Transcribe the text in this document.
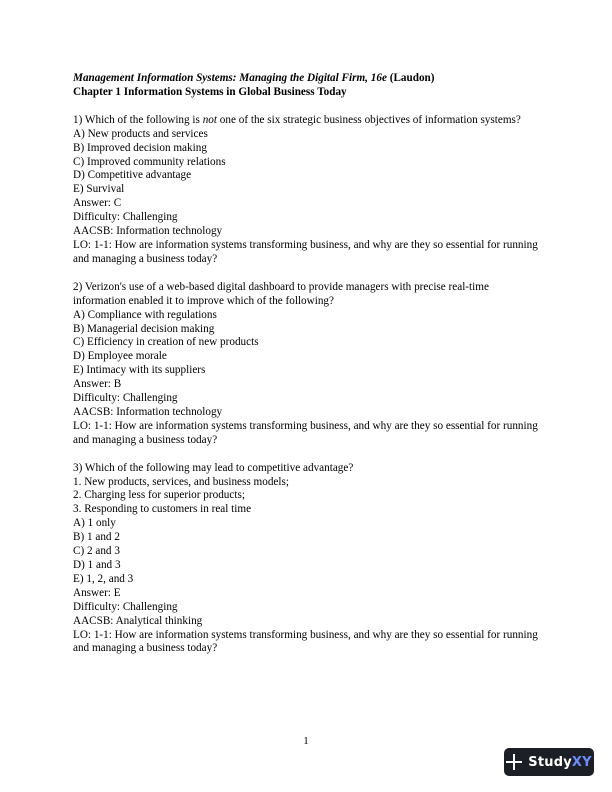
Management Information Systems: Managing the Digital Firm, 16e (Laudon)
Chapter 1 Information Systems in Global Business Today
1) Which of the following is not one of the six strategic business objectives of information systems?
A) New products and services
B) Improved decision making
C) Improved community relations
D) Competitive advantage
E) Survival
Answer: C
Difficulty: Challenging
AACSB: Information technology
LO: 1-1: How are information systems transforming business, and why are they so essential for running and managing a business today?
2) Verizon's use of a web-based digital dashboard to provide managers with precise real-time information enabled it to improve which of the following?
A) Compliance with regulations
B) Managerial decision making
C) Efficiency in creation of new products
D) Employee morale
E) Intimacy with its suppliers
Answer: B
Difficulty: Challenging
AACSB: Information technology
LO: 1-1: How are information systems transforming business, and why are they so essential for running and managing a business today?
3) Which of the following may lead to competitive advantage?
1. New products, services, and business models;
2. Charging less for superior products;
3. Responding to customers in real time
A) 1 only
B) 1 and 2
C) 2 and 3
D) 1 and 3
E) 1, 2, and 3
Answer: E
Difficulty: Challenging
AACSB: Analytical thinking
LO: 1-1: How are information systems transforming business, and why are they so essential for running and managing a business today?
1
StudyXY
